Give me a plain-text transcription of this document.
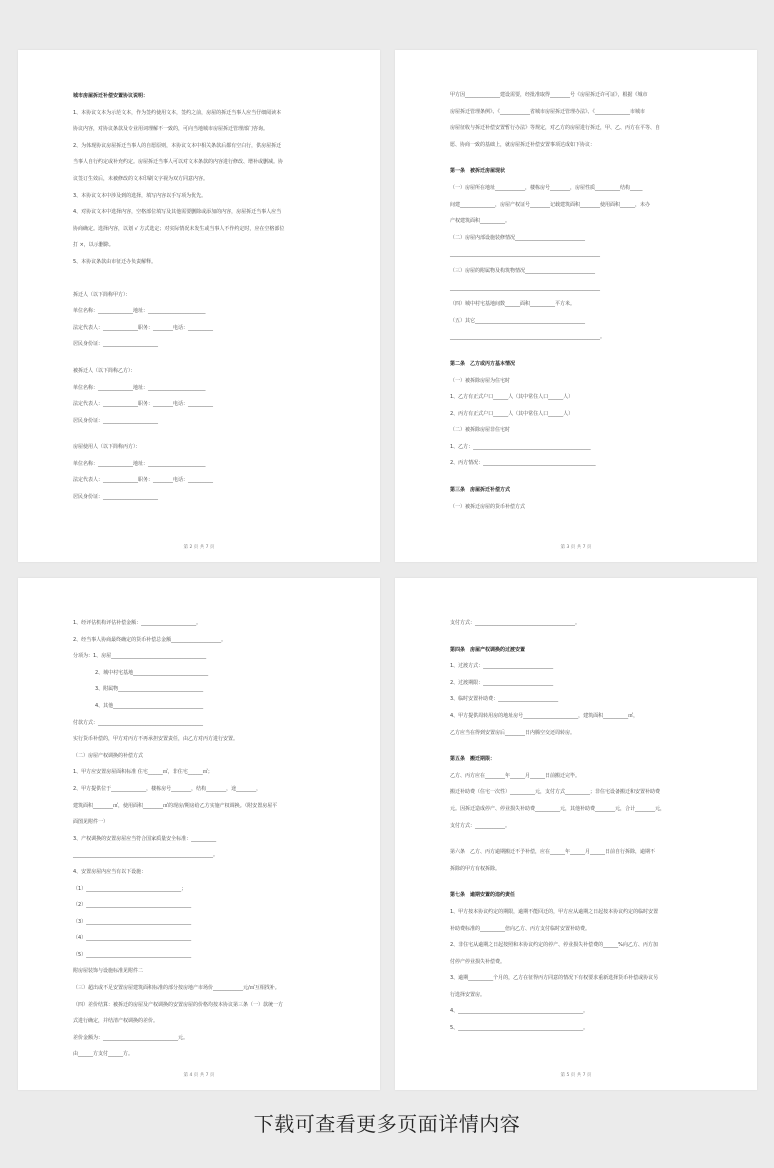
城市房屋拆迁补偿安置协议说明：
1、本协议文本为示范文本，作为签约使用文本，签约之前，房屋的拆迁当事人应当仔细阅读本
协议内容，对协议条款及专业用词理解不一致的，可向当地城市房屋拆迁管理部门咨询。
2、为体现协议房屋拆迁当事人的自愿原则，本协议文本中相关条款后都有空白行，供房屋拆迁
当事人自行约定或补充约定。房屋拆迁当事人可以对文本条款的内容进行修改、增补或删减。协
议签订生效后，未被修改的文本印刷文字视为双方同意内容。
3、本协议文本中涉及到的选择，填写内容以手写项为优先。
4、对协议文本中选择内容，空格部位填写及其他需要删除或添加的内容，房屋拆迁当事人应当
协商确定。选择内容，以划 √ 方式选定；对实际情况未发生或当事人不作约定时，应在空格部位
打 ×，以示删除。
5、本协议条款由市征迁办负责解释。
拆迁人（以下简称甲方）：
单位名称：______________地址：_______________________
法定代表人：______________职务：________电话：__________
居民身份证：______________________
被拆迁人（以下简称乙方）：
单位名称：______________地址：_______________________
法定代表人：______________职务：________电话：__________
居民身份证：______________________
房屋使用人（以下简称丙方）：
单位名称：______________地址：_______________________
法定代表人：______________职务：________电话：__________
居民身份证：______________________
第 2 页 共 7 页
甲方因______________建设需要，经批准取得________号《房屋拆迁许可证》，根据《城市
房屋拆迁管理条例》、《____________省城市房屋拆迁管理办法》、《______________市城市
房屋征收与拆迁补偿安置暂行办法》等规定，对乙方的房屋进行拆迁，甲、乙、丙方在平等、自
愿、协商一致的基础上，就房屋拆迁补偿安置事项达成如下协议：
第一条　被拆迁房屋现状
（一）房屋所在地址____________，楼栋房号________，房屋性质__________结构_____
间建______________，房屋产权证号________记载建筑面积________使用面积______，未办
产权建筑面积__________。
（二）房屋内部设施装修情况____________________________
____________________________________________________________
（三）房屋的附属物及构筑物情况____________________________
____________________________________________________________
（四）城中村宅基地间数______面积__________平方米。
（五）其它____________________________________________
____________________________________________________________。
第二条　乙方或丙方基本情况
（一）被拆除房屋为住宅时
1、乙方有正式户口______人（其中常住人口______人）
2、丙方有正式户口______人（其中常住人口______人）
（二）被拆除房屋非住宅时
1、乙方：_______________________________________________
2、丙方情况：_____________________________________________
第三条　房屋拆迁补偿方式
（一）被拆迁房屋的货币补偿方式
第 3 页 共 7 页
1、经评估机构评估补偿金额：______________________。
2、经当事人协商最终确定的货币补偿总金额____________________。
分项为：1、房屋______________________________________
2、城中村宅基地______________________________
3、附属物__________________________________
4、其他____________________________________
付款方式：__________________________________________
实行货币补偿的，甲方对丙方不再承担安置责任，由乙方对丙方进行安置。
（二）房屋产权调换的补偿方式
1、甲方应安置房屋面积标准 住宅______㎡，非住宅______㎡；
2、甲方提供位于______________，楼栋房号________，结构________，途________，
建筑面积________㎡，使用面积________㎡的现房/期房给乙方实施产权调换。（附安置房屋平
面图见附件一）
3、产权调换的安置房屋应当符合国家质量安全标准：__________
________________________________________________________。
4、安置房屋内应当有以下设施：
（1）______________________________________；
（2）__________________________________________
（3）__________________________________________
（4）__________________________________________
（5）__________________________________________
附房屋装饰与设施标准见附件二
（三）超出或不足安置房屋建筑面积标准的部分按房地产市场价____________元/㎡互相找补。
（四）差价结算：被拆迁的房屋及产权调换的安置房屋的价格均按本协议第三条（一）款统一方
式进行确定，并结清产权调换的差价。
差价金额为：______________________________元。
由______方支付______方。
第 4 页 共 7 页
支付方式：________________________________________。
第四条　房屋产权调换的过渡安置
1、过渡方式：____________________________
2、过渡期限：____________________________
3、临时安置补助费：________________________
4、甲方提供周转用房的地址房号______________________，建筑面积__________㎡，
乙方应当在得到安置房后________日内腾空交还周转房。
第五条　搬迁期限：
乙方、丙方应在________年______月______日前搬迁完毕。
搬迁补助费（住宅一次性）__________元，支付方式__________；非住宅设备搬迁和安置补助费
元。因拆迁造成停产、停业损失补助费__________元，其他补助费________元，合计________元，
支付方式：____________。
第六条　乙方、丙方逾期搬迁不予补偿，应在______年______月______日前自行拆除，逾期不
拆除的甲方有权拆除。
第七条　逾期安置的违约责任
1、甲方按本协议约定的期限，逾期不能回迁的，甲方应从逾期之日起按本协议约定的临时安置
补助费标准的__________倍向乙方、丙方支付临时安置补助费。
2、非住宅从逾期之日起按照和本协议约定的停产、停业损失补偿费的______%向乙方、丙方加
付停产停业损失补偿费。
3、逾期__________个月的，乙方在征得丙方同意的情况下有权要求重新选择货币补偿或协议另
行选择安置房。
4、__________________________________________________。
5、__________________________________________________。
第 5 页 共 7 页
下载可查看更多页面详情内容
